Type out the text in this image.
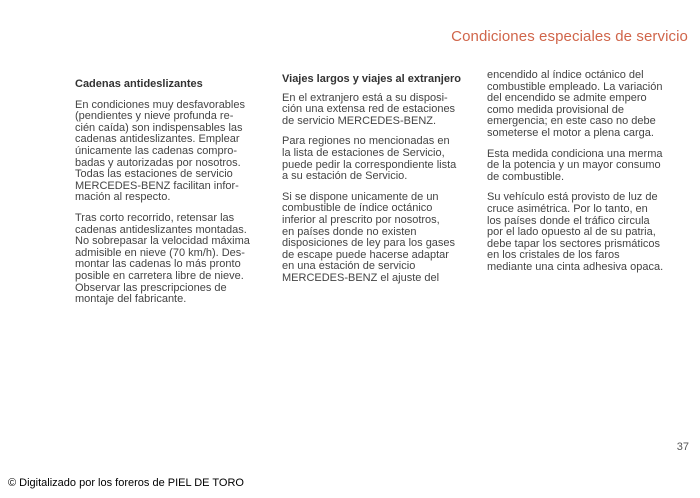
Condiciones especiales de servicio
Cadenas antideslizantes

En condiciones muy desfavorables
(pendientes y nieve profunda re-
cién caída) son indispensables las
cadenas antideslizantes. Emplear
únicamente las cadenas compro-
badas y autorizadas por nosotros.
Todas las estaciones de servicio
MERCEDES-BENZ facilitan infor-
mación al respecto.

Tras corto recorrido, retensar las
cadenas antideslizantes montadas.
No sobrepasar la velocidad máxima
admisible en nieve (70 km/h). Des-
montar las cadenas lo más pronto
posible en carretera libre de nieve.
Observar las prescripciones de
montaje del fabricante.

Viajes largos y viajes al extranjero

En el extranjero está a su disposi-
ción una extensa red de estaciones
de servicio MERCEDES-BENZ.

Para regiones no mencionadas en
la lista de estaciones de Servicio,
puede pedir la correspondiente lista
a su estación de Servicio.

Si se dispone unicamente de un
combustible de índice octánico
inferior al prescrito por nosotros,
en países donde no existen
disposiciones de ley para los gases
de escape puede hacerse adaptar
en una estación de servicio
MERCEDES-BENZ el ajuste del

encendido al índice octánico del
combustible empleado. La variación
del encendido se admite empero
como medida provisional de
emergencia; en este caso no debe
someterse el motor a plena carga.

Esta medida condiciona una merma
de la potencia y un mayor consumo
de combustible.

Su vehículo está provisto de luz de
cruce asimétrica. Por lo tanto, en
los países donde el tráfico circula
por el lado opuesto al de su patria,
debe tapar los sectores prismáticos
en los cristales de los faros
mediante una cinta adhesiva opaca.

37
© Digitalizado por los foreros de PIEL DE TORO
